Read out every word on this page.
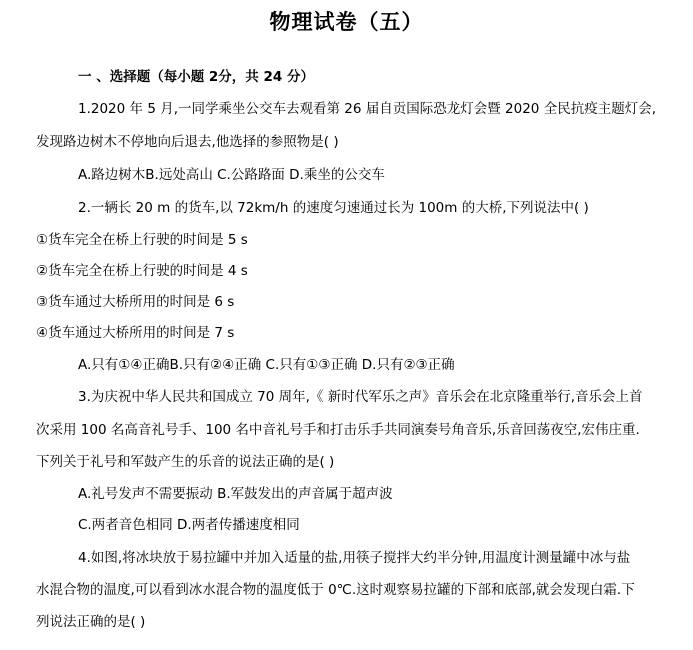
物理试卷（五）
一 、选择题（每小题 2分，共 24 分）
1.2020 年 5 月,一同学乘坐公交车去观看第 26 届自贡国际恐龙灯会暨 2020 全民抗疫主题灯会,
发现路边树木不停地向后退去,他选择的参照物是( )
A.路边树木B.远处高山 C.公路路面 D.乘坐的公交车
2.一辆长 20 m 的货车,以 72km/h 的速度匀速通过长为 100m 的大桥,下列说法中( )
①货车完全在桥上行驶的时间是 5 s
②货车完全在桥上行驶的时间是 4 s
③货车通过大桥所用的时间是 6 s
④货车通过大桥所用的时间是 7 s
A.只有①④正确B.只有②④正确 C.只有①③正确 D.只有②③正确
3.为庆祝中华人民共和国成立 70 周年,《 新时代军乐之声》音乐会在北京隆重举行,音乐会上首
次采用 100 名高音礼号手、100 名中音礼号手和打击乐手共同演奏号角音乐,乐音回荡夜空,宏伟庄重.
下列关于礼号和军鼓产生的乐音的说法正确的是( )
A.礼号发声不需要振动 B.军鼓发出的声音属于超声波
C.两者音色相同 D.两者传播速度相同
4.如图,将冰块放于易拉罐中并加入适量的盐,用筷子搅拌大约半分钟,用温度计测量罐中冰与盐
水混合物的温度,可以看到冰水混合物的温度低于 0℃.这时观察易拉罐的下部和底部,就会发现白霜.下
列说法正确的是( )
